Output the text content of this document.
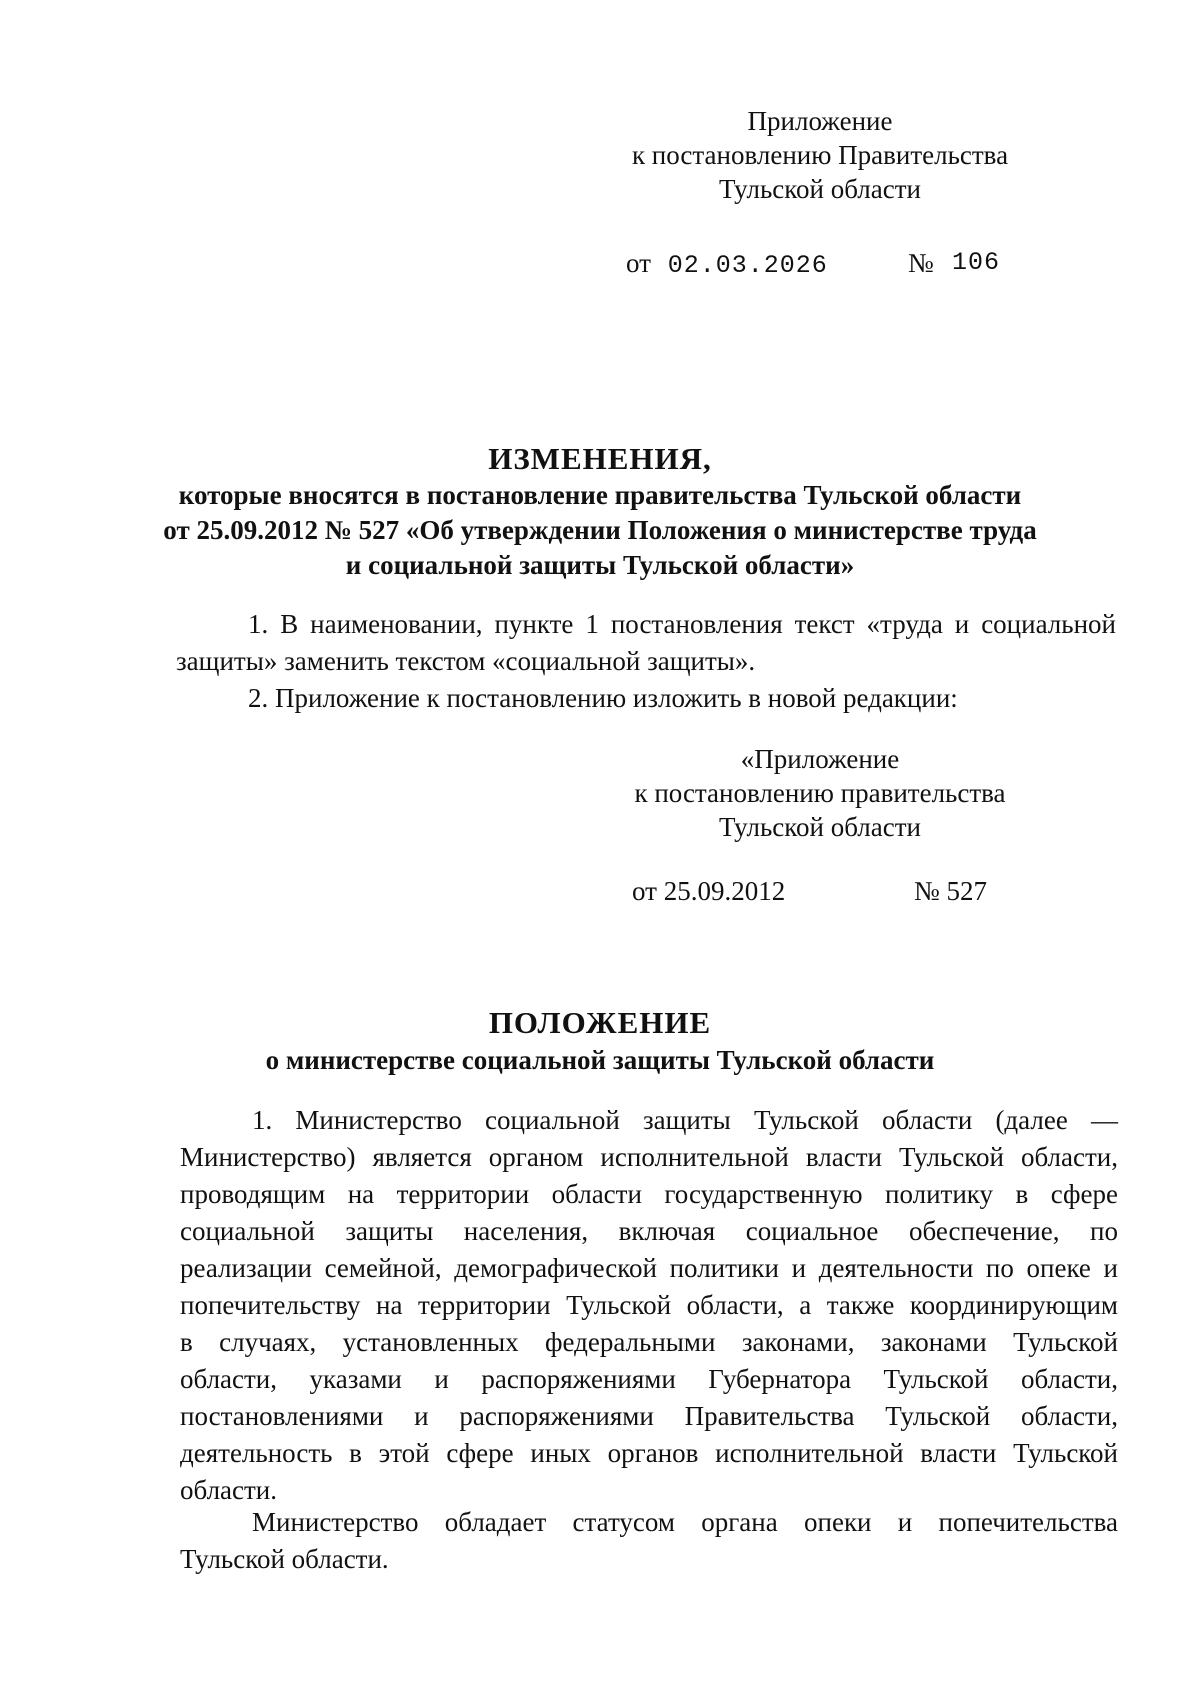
Приложение
к постановлению Правительства
Тульской области
от 02.03.2026	№ 106
ИЗМЕНЕНИЯ,
которые вносятся в постановление правительства Тульской области
от 25.09.2012 № 527 «Об утверждении Положения о министерстве труда
и социальной защиты Тульской области»
1. В наименовании, пункте 1 постановления текст «труда и социальной
защиты» заменить текстом «социальной защиты».
2. Приложение к постановлению изложить в новой редакции:
«Приложение
к постановлению правительства
Тульской области
от 25.09.2012	№ 527
ПОЛОЖЕНИЕ
о министерстве социальной защиты Тульской области
1. Министерство социальной защиты Тульской области (далее —
Министерство) является органом исполнительной власти Тульской области,
проводящим на территории области государственную политику в сфере
социальной защиты населения, включая социальное обеспечение, по
реализации семейной, демографической политики и деятельности по опеке и
попечительству на территории Тульской области, а также координирующим
в случаях, установленных федеральными законами, законами Тульской
области, указами и распоряжениями Губернатора Тульской области,
постановлениями и распоряжениями Правительства Тульской области,
деятельность в этой сфере иных органов исполнительной власти Тульской
области.
Министерство обладает статусом органа опеки и попечительства
Тульской области.
